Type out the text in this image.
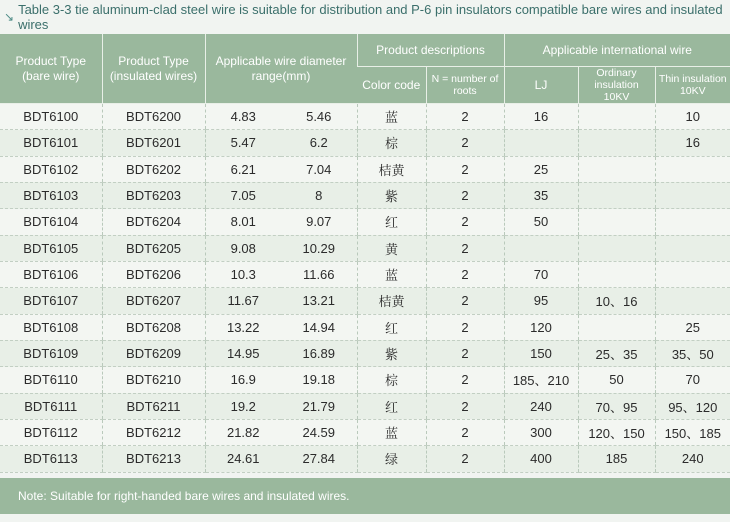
↘ Table 3-3 tie aluminum-clad steel wire is suitable for distribution and P-6 pin insulators compatible bare wires and insulated wires
Product Type (bare wire)	Product Type (insulated wires)	Applicable wire diameter range(mm)		Product descriptions		Applicable international wire		
				Color code	N = number of roots	LJ	Ordinary insulation 10KV	Thin insulation 10KV
BDT6100	BDT6200	4.83	5.46	蓝	2	16		10
BDT6101	BDT6201	5.47	6.2	棕	2			16
BDT6102	BDT6202	6.21	7.04	桔黄	2	25		
BDT6103	BDT6203	7.05	8	紫	2	35		
BDT6104	BDT6204	8.01	9.07	红	2	50		
BDT6105	BDT6205	9.08	10.29	黄	2			
BDT6106	BDT6206	10.3	11.66	蓝	2	70		
BDT6107	BDT6207	11.67	13.21	桔黄	2	95	10、16	
BDT6108	BDT6208	13.22	14.94	红	2	120		25
BDT6109	BDT6209	14.95	16.89	紫	2	150	25、35	35、50
BDT6110	BDT6210	16.9	19.18	棕	2	185、210	50	70
BDT6111	BDT6211	19.2	21.79	红	2	240	70、95	95、120
BDT6112	BDT6212	21.82	24.59	蓝	2	300	120、150	150、185
BDT6113	BDT6213	24.61	27.84	绿	2	400	185	240
Note: Suitable for right-handed bare wires and insulated wires.
